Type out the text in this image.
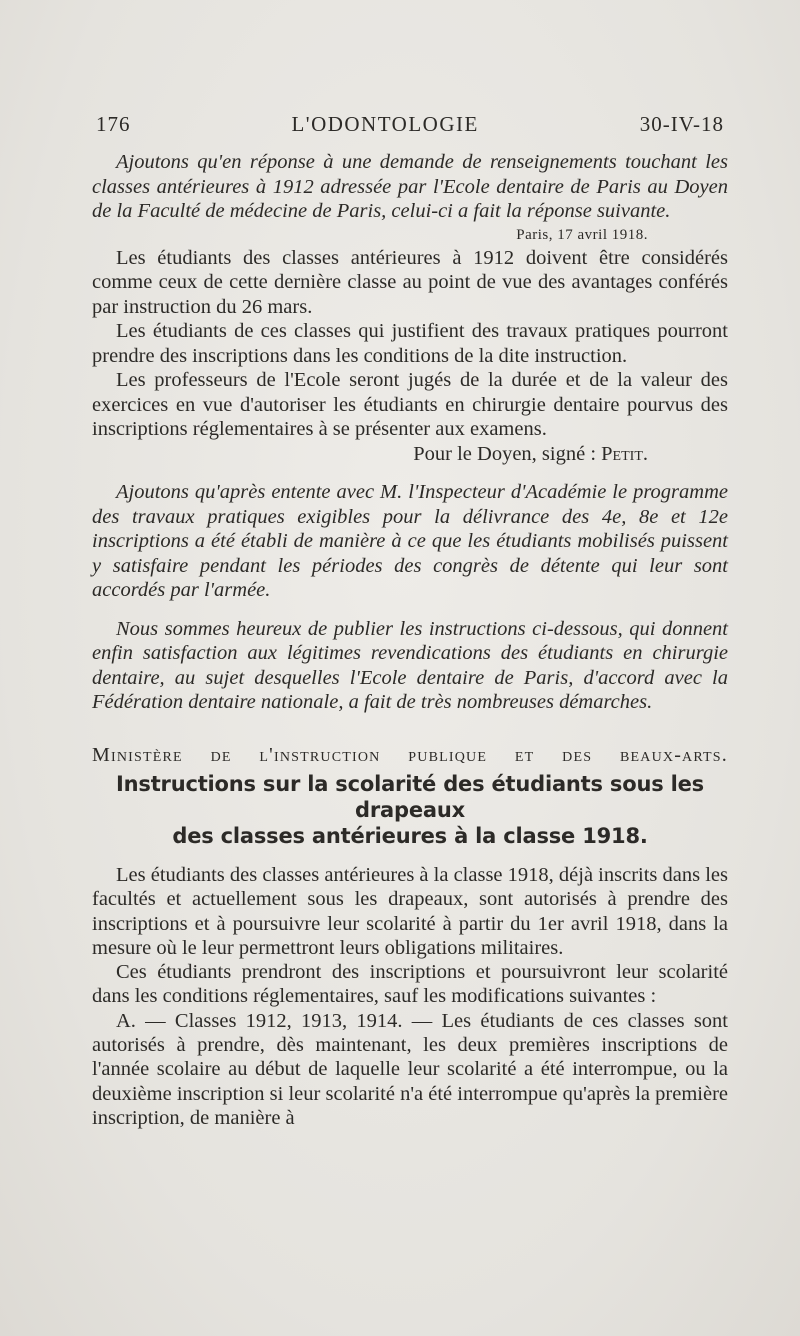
176	L'ODONTOLOGIE	30-IV-18

Ajoutons qu'en réponse à une demande de renseignements touchant les classes antérieures à 1912 adressée par l'Ecole dentaire de Paris au Doyen de la Faculté de médecine de Paris, celui-ci a fait la réponse suivante.

Paris, 17 avril 1918.

Les étudiants des classes antérieures à 1912 doivent être considérés comme ceux de cette dernière classe au point de vue des avantages conférés par instruction du 26 mars.

Les étudiants de ces classes qui justifient des travaux pratiques pourront prendre des inscriptions dans les conditions de la dite instruction.

Les professeurs de l'Ecole seront jugés de la durée et de la valeur des exercices en vue d'autoriser les étudiants en chirurgie dentaire pourvus des inscriptions réglementaires à se présenter aux examens.

Pour le Doyen, signé : Petit.

Ajoutons qu'après entente avec M. l'Inspecteur d'Académie le programme des travaux pratiques exigibles pour la délivrance des 4e, 8e et 12e inscriptions a été établi de manière à ce que les étudiants mobilisés puissent y satisfaire pendant les périodes des congrès de détente qui leur sont accordés par l'armée.

Nous sommes heureux de publier les instructions ci-dessous, qui donnent enfin satisfaction aux légitimes revendications des étudiants en chirurgie dentaire, au sujet desquelles l'Ecole dentaire de Paris, d'accord avec la Fédération dentaire nationale, a fait de très nombreuses démarches.

Ministère de l'instruction publique et des beaux-arts.

Instructions sur la scolarité des étudiants sous les drapeaux
des classes antérieures à la classe 1918.

Les étudiants des classes antérieures à la classe 1918, déjà inscrits dans les facultés et actuellement sous les drapeaux, sont autorisés à prendre des inscriptions et à poursuivre leur scolarité à partir du 1er avril 1918, dans la mesure où le leur permettront leurs obligations militaires.

Ces étudiants prendront des inscriptions et poursuivront leur scolarité dans les conditions réglementaires, sauf les modifications suivantes :

A. — Classes 1912, 1913, 1914. — Les étudiants de ces classes sont autorisés à prendre, dès maintenant, les deux premières inscriptions de l'année scolaire au début de laquelle leur scolarité a été interrompue, ou la deuxième inscription si leur scolarité n'a été interrompue qu'après la première inscription, de manière à
